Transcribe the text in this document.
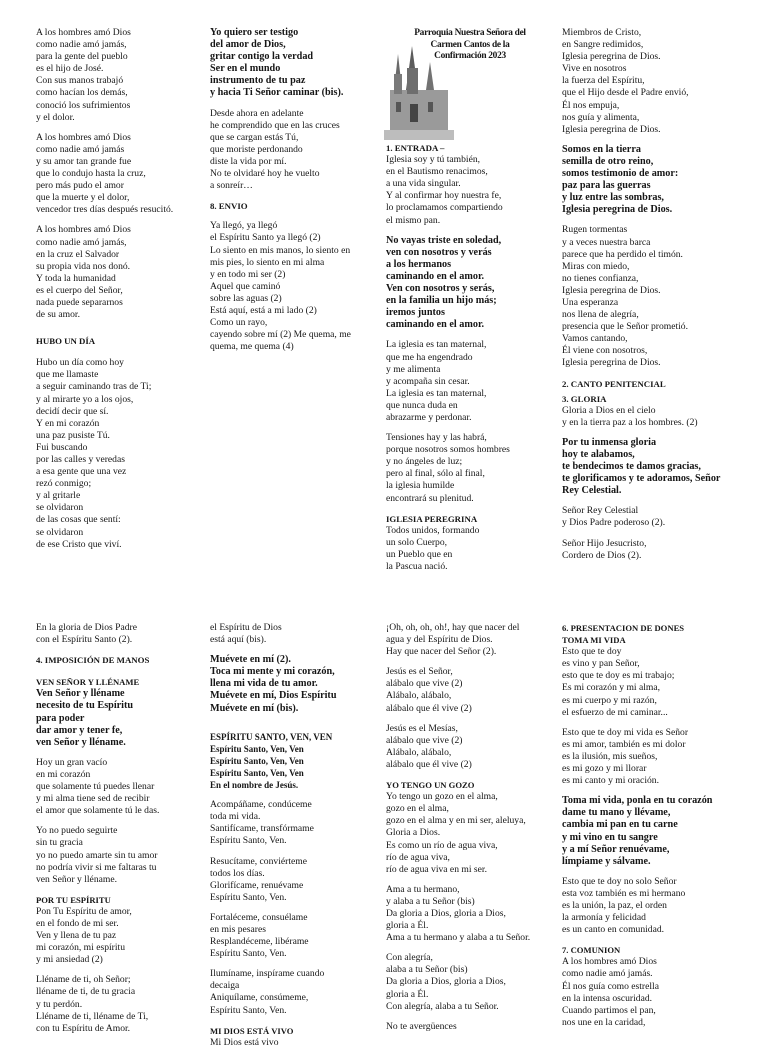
Parroquia Nuestra Señora del Carmen Cantos de la Confirmación 2023

A los hombres amó Dios
como nadie amó jamás,
para la gente del pueblo
es el hijo de José.
Con sus manos trabajó
como hacían los demás,
conoció los sufrimientos
y el dolor.

A los hombres amó Dios
como nadie amó jamás
y su amor tan grande fue
que lo condujo hasta la cruz,
pero más pudo el amor
que la muerte y el dolor,
vencedor tres días después resucitó.

A los hombres amó Dios
como nadie amó jamás,
en la cruz el Salvador
su propia vida nos donó.
Y toda la humanidad
es el cuerpo del Señor,
nada puede separarnos
de su amor.

HUBO UN DÍA

Hubo un día como hoy
que me llamaste
a seguir caminando tras de Ti;
y al mirarte yo a los ojos,
decidí decir que sí.
Y en mi corazón
una paz pusiste Tú.
Fui buscando
por las calles y veredas
a esa gente que una vez
rezó conmigo;
y al gritarle
se olvidaron
de las cosas que sentí:
se olvidaron
de ese Cristo que viví.

Yo quiero ser testigo
del amor de Dios,
gritar contigo la verdad
Ser en el mundo
instrumento de tu paz
y hacia Ti Señor caminar (bis).

Desde ahora en adelante
he comprendido que en las cruces
que se cargan estás Tú,
que moriste perdonando
diste la vida por mí.
No te olvidaré hoy he vuelto
a sonreír…

8. ENVIO

Ya llegó, ya llegó
el Espíritu Santo ya llegó (2)
Lo siento en mis manos, lo siento en
mis pies, lo siento en mi alma
y en todo mi ser (2)
Aquel que caminó
sobre las aguas (2)
Está aquí, está a mi lado (2)
Como un rayo,
cayendo sobre mí (2) Me quema, me
quema, me quema (4)

1. ENTRADA –

Iglesia soy y tú también,
en el Bautismo renacimos,
a una vida singular.
Y al confirmar hoy nuestra fe,
lo proclamamos compartiendo
el mismo pan.

No vayas triste en soledad,
ven con nosotros y verás
a los hermanos
caminando en el amor.
Ven con nosotros y serás,
en la familia un hijo más;
iremos juntos
caminando en el amor.

La iglesia es tan maternal,
que me ha engendrado
y me alimenta
y acompaña sin cesar.
La iglesia es tan maternal,
que nunca duda en
abrazarme y perdonar.

Tensiones hay y las habrá,
porque nosotros somos hombres
y no ángeles de luz;
pero al final, sólo al final,
la iglesia humilde
encontrará su plenitud.

IGLESIA PEREGRINA

Todos unidos, formando
un solo Cuerpo,
un Pueblo que en
la Pascua nació.

Miembros de Cristo,
en Sangre redimidos,
Iglesia peregrina de Dios.
Vive en nosotros
la fuerza del Espíritu,
que el Hijo desde el Padre envió,
Él nos empuja,
nos guía y alimenta,
Iglesia peregrina de Dios.

Somos en la tierra
semilla de otro reino,
somos testimonio de amor:
paz para las guerras
y luz entre las sombras,
Iglesia peregrina de Dios.

Rugen tormentas
y a veces nuestra barca
parece que ha perdido el timón.
Miras con miedo,
no tienes confianza,
Iglesia peregrina de Dios.
Una esperanza
nos llena de alegría,
presencia que le Señor prometió.
Vamos cantando,
Él viene con nosotros,
Iglesia peregrina de Dios.

2. CANTO PENITENCIAL
3. GLORIA

Gloria a Dios en el cielo
y en la tierra paz a los hombres. (2)

Por tu inmensa gloria
hoy te alabamos,
te bendecimos te damos gracias,
te glorificamos y te adoramos, Señor
Rey Celestial.

Señor Rey Celestial
y Dios Padre poderoso (2).

Señor Hijo Jesucristo,
Cordero de Dios (2).

En la gloria de Dios Padre
con el Espíritu Santo (2).

4. IMPOSICIÓN DE MANOS
VEN SEÑOR Y LLÉNAME

Ven Señor y lléname
necesito de tu Espíritu
para poder
dar amor y tener fe,
ven Señor y lléname.

Hoy un gran vacío
en mi corazón
que solamente tú puedes llenar
y mi alma tiene sed de recibir
el amor que solamente tú le das.

Yo no puedo seguirte
sin tu gracia
yo no puedo amarte sin tu amor
no podría vivir si me faltaras tu
ven Señor y lléname.

POR TU ESPÍRITU

Pon Tu Espíritu de amor,
en el fondo de mi ser.
Ven y llena de tu paz
mi corazón, mi espíritu
y mi ansiedad (2)

Lléname de ti, oh Señor;
lléname de ti, de tu gracia
y tu perdón.
Lléname de ti, lléname de Ti,
con tu Espíritu de Amor.

el Espíritu de Dios
está aquí (bis).

Muévete en mí (2).
Toca mi mente y mi corazón,
llena mi vida de tu amor.
Muévete en mí, Dios Espíritu
Muévete en mí (bis).

ESPÍRITU SANTO, VEN, VEN
Espíritu Santo, Ven, Ven
Espíritu Santo, Ven, Ven
Espíritu Santo, Ven, Ven
En el nombre de Jesús.

Acompáñame, condúceme
toda mi vida.
Santifícame, transfórmame
Espíritu Santo, Ven.

Resucítame, conviérteme
todos los días.
Glorifícame, renuévame
Espíritu Santo, Ven.

Fortaléceme, consuélame
en mis pesares
Resplandéceme, libérame
Espíritu Santo, Ven.

Ilumíname, inspírame cuando
decaiga
Aniquílame, consúmeme,
Espíritu Santo, Ven.

MI DIOS ESTÁ VIVO

Mi Dios está vivo

¡Oh, oh, oh, oh!, hay que nacer del
agua y del Espíritu de Dios.
Hay que nacer del Señor (2).

Jesús es el Señor,
alábalo que vive (2)
Alábalo, alábalo,
alábalo que él vive (2)

Jesús es el Mesías,
alábalo que vive (2)
Alábalo, alábalo,
alábalo que él vive (2)

YO TENGO UN GOZO

Yo tengo un gozo en el alma,
gozo en el alma,
gozo en el alma y en mi ser, aleluya,
Gloria a Dios.
Es como un río de agua viva,
río de agua viva,
río de agua viva en mi ser.

Ama a tu hermano,
y alaba a tu Señor (bis)
Da gloria a Dios, gloria a Dios,
gloria a Él.
Ama a tu hermano y alaba a tu Señor.

Con alegría,
alaba a tu Señor (bis)
Da gloria a Dios, gloria a Dios,
gloria a Él.
Con alegría, alaba a tu Señor.

No te avergüences

6. PRESENTACION DE DONES
TOMA MI VIDA

Esto que te doy
es vino y pan Señor,
esto que te doy es mi trabajo;
Es mi corazón y mi alma,
es mi cuerpo y mi razón,
el esfuerzo de mi caminar...

Esto que te doy mi vida es Señor
es mi amor, también es mi dolor
es la ilusión, mis sueños,
es mi gozo y mi llorar
es mi canto y mi oración.

Toma mi vida, ponla en tu corazón
dame tu mano y llévame,
cambia mi pan en tu carne
y mi vino en tu sangre
y a mí Señor renuévame,
límpiame y sálvame.

Esto que te doy no solo Señor
esta voz también es mi hermano
es la unión, la paz, el orden
la armonía y felicidad
es un canto en comunidad.

7. COMUNION

A los hombres amó Dios
como nadie amó jamás.
Él nos guía como estrella
en la intensa oscuridad.
Cuando partimos el pan,
nos une en la caridad,
